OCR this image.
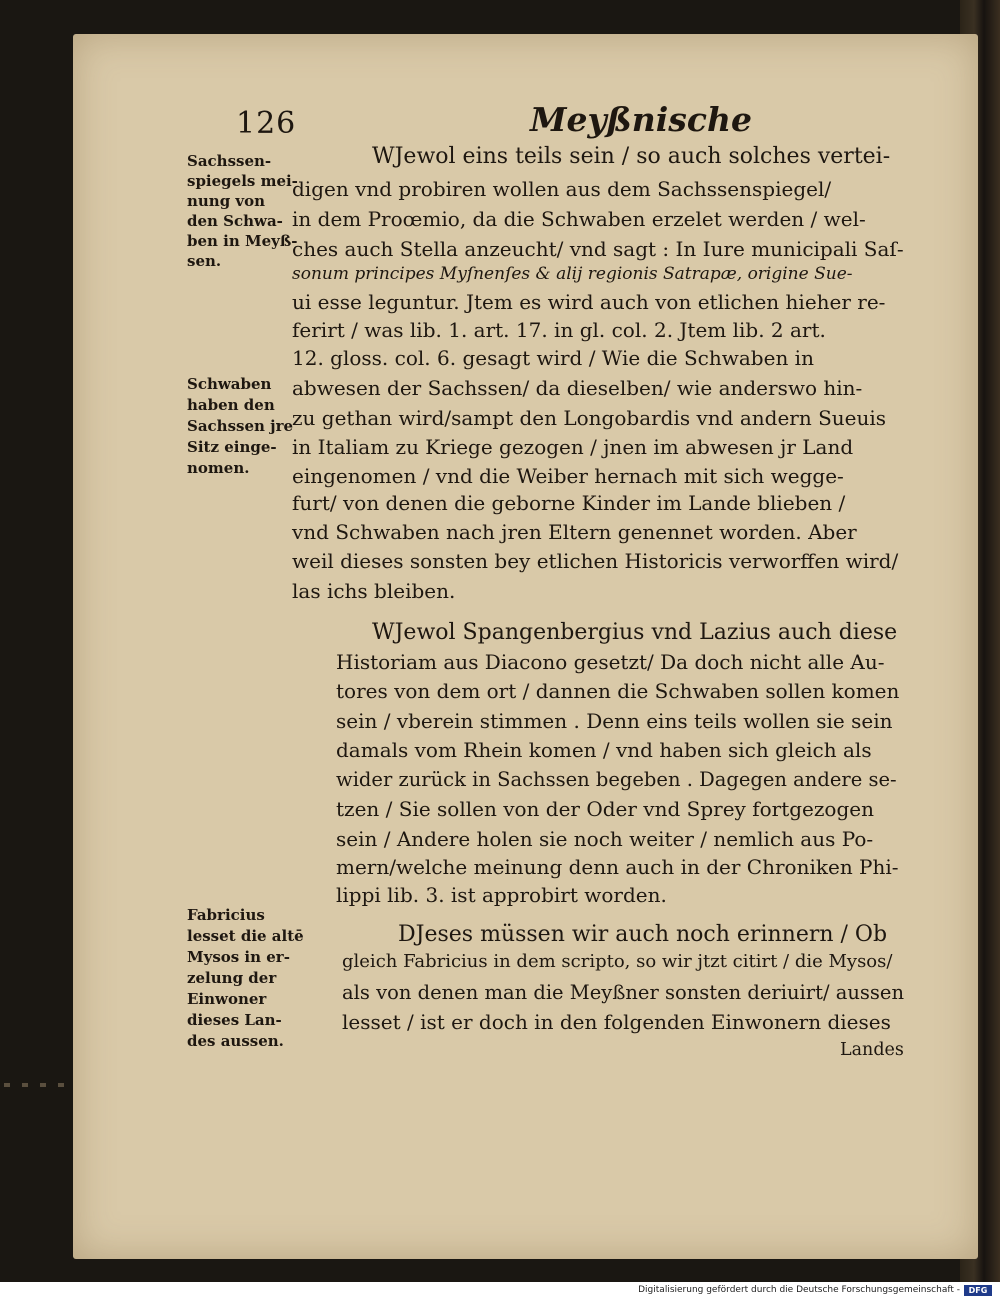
126	Meyßnische
Sachssen-
spiegels mei-
nung von
den Schwa-
ben in Meyß-
sen.
Schwaben
haben den
Sachssen jre
Sitz einge-
nomen.
Fabricius
lesset die altē
Mysos in er-
zelung der
Einwoner
dieses Lan-
des aussen.
WJewol eins teils sein / so auch solches vertei-
digen vnd probiren wollen aus dem Sachssenspiegel/
in dem Proœmio, da die Schwaben erzelet werden / wel-
ches auch Stella anzeucht/ vnd sagt : In Iure municipali Saſ-
sonum principes Myſnenſes & alij regionis Satrapæ, origine Sue-
ui esse leguntur. Jtem es wird auch von etlichen hieher re-
ferirt / was lib. 1. art. 17. in gl. col. 2. Jtem lib. 2 art.
12. gloss. col. 6. gesagt wird / Wie die Schwaben in
abwesen der Sachssen/ da dieselben/ wie anderswo hin-
zu gethan wird/sampt den Longobardis vnd andern Sueuis
in Italiam zu Kriege gezogen / jnen im abwesen jr Land
eingenomen / vnd die Weiber hernach mit sich wegge-
furt/ von denen die geborne Kinder im Lande blieben /
vnd Schwaben nach jren Eltern genennet worden. Aber
weil dieses sonsten bey etlichen Historicis verworffen wird/
las ichs bleiben.
WJewol Spangenbergius vnd Lazius auch diese
Historiam aus Diacono gesetzt/ Da doch nicht alle Au-
tores von dem ort / dannen die Schwaben sollen komen
sein / vberein stimmen . Denn eins teils wollen sie sein
damals vom Rhein komen / vnd haben sich gleich als
wider zurück in Sachssen begeben . Dagegen andere se-
tzen / Sie sollen von der Oder vnd Sprey fortgezogen
sein / Andere holen sie noch weiter / nemlich aus Po-
mern/welche meinung denn auch in der Chroniken Phi-
lippi lib. 3. ist approbirt worden.
DJeses müssen wir auch noch erinnern / Ob
gleich Fabricius in dem scripto, so wir jtzt citirt / die Mysos/
als von denen man die Meyßner sonsten deriuirt/ aussen
lesset / ist er doch in den folgenden Einwonern dieses
Landes
Digitalisierung gefördert durch die Deutsche Forschungsgemeinschaft -	DFG
